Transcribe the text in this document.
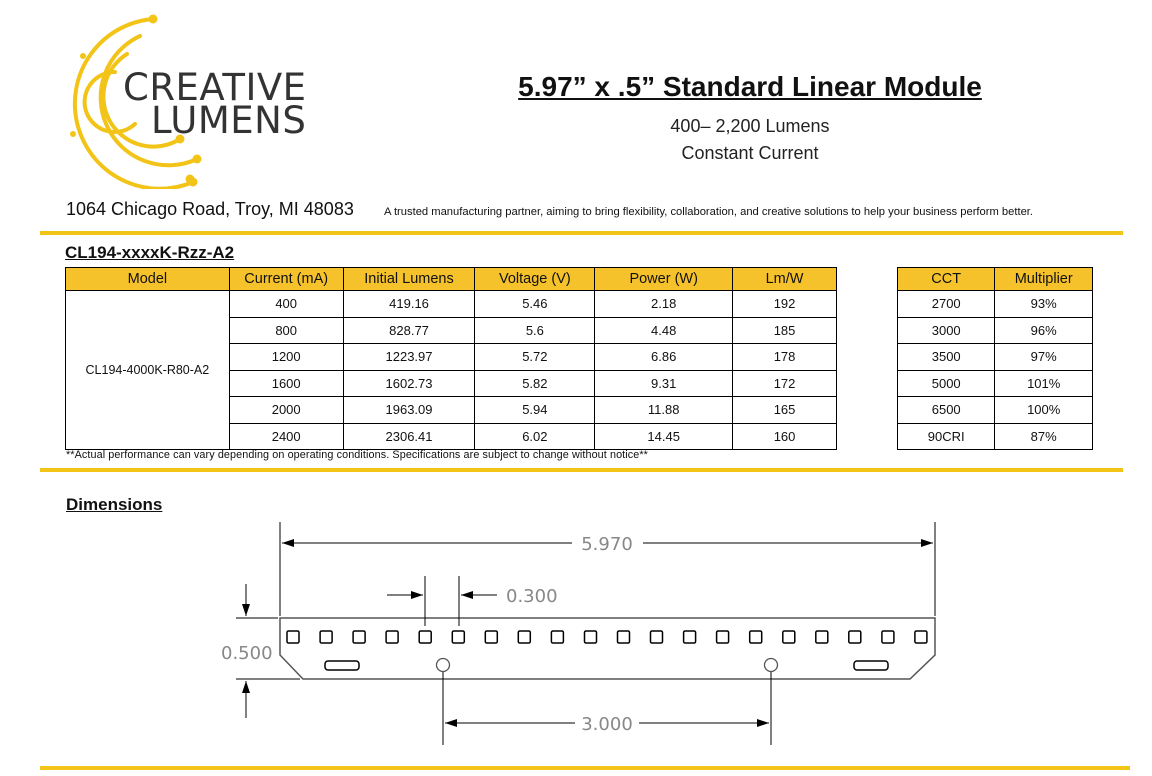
CREATIVE
LUMENS
5.97” x .5” Standard Linear Module
400– 2,200 Lumens
Constant Current
1064 Chicago Road, Troy, MI 48083	A trusted manufacturing partner, aiming to bring flexibility, collaboration, and creative solutions to help your business perform better.
CL194-xxxxK-Rzz-A2
Model	Current (mA)	Initial Lumens	Voltage (V)	Power (W)	Lm/W
CL194-4000K-R80-A2	400	419.16	5.46	2.18	192
	800	828.77	5.6	4.48	185
	1200	1223.97	5.72	6.86	178
	1600	1602.73	5.82	9.31	172
	2000	1963.09	5.94	11.88	165
	2400	2306.41	6.02	14.45	160
CCT	Multiplier
2700	93%
3000	96%
3500	97%
5000	101%
6500	100%
90CRI	87%
**Actual performance can vary depending on operating conditions. Specifications are subject to change without notice**
Dimensions
5.970
0.300
0.500
3.000
